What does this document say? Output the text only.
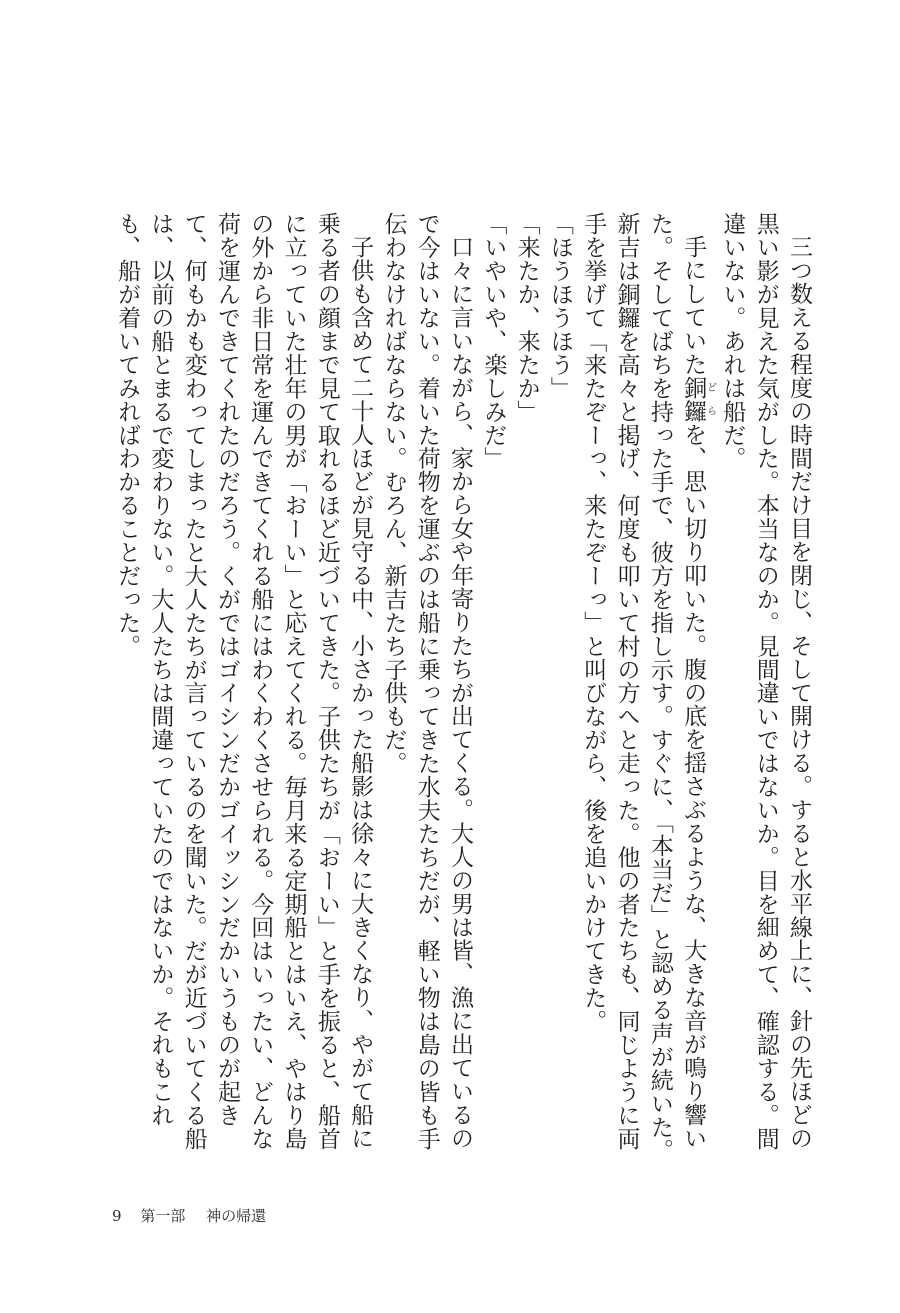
三つ数える程度の時間だけ目を閉じ、そして開ける。すると水平線上に、針の先ほどの黒い影が見えた気がした。本当なのか。見間違いではないか。目を細めて、確認する。間違いない。あれは船だ。

手にしていた銅鑼どらを、思い切り叩いた。腹の底を揺さぶるような、大きな音が鳴り響いた。そしてばちを持った手で、彼方を指し示す。すぐに、「本当だ」と認める声が続いた。新吉は銅鑼を高々と掲げ、何度も叩いて村の方へと走った。他の者たちも、同じように両手を挙げて「来たぞーっ、来たぞーっ」と叫びながら、後を追いかけてきた。

「ほうほうほう」

「来たか、来たか」

「いやいや、楽しみだ」

口々に言いながら、家から女や年寄りたちが出てくる。大人の男は皆、漁に出ているので今はいない。着いた荷物を運ぶのは船に乗ってきた水夫たちだが、軽い物は島の皆も手伝わなければならない。むろん、新吉たち子供もだ。

子供も含めて二十人ほどが見守る中、小さかった船影は徐々に大きくなり、やがて船に乗る者の顔まで見て取れるほど近づいてきた。子供たちが「おーい」と手を振ると、船首に立っていた壮年の男が「おーい」と応えてくれる。毎月来る定期船とはいえ、やはり島の外から非日常を運んできてくれる船にはわくわくさせられる。今回はいったい、どんな荷を運んできてくれたのだろう。くがではゴイシンだかゴイッシンだかいうものが起きて、何もかも変わってしまったと大人たちが言っているのを聞いた。だが近づいてくる船は、以前の船とまるで変わりない。大人たちは間違っていたのではないか。それもこれも、船が着いてみればわかることだった。

9 第一部 神の帰還
